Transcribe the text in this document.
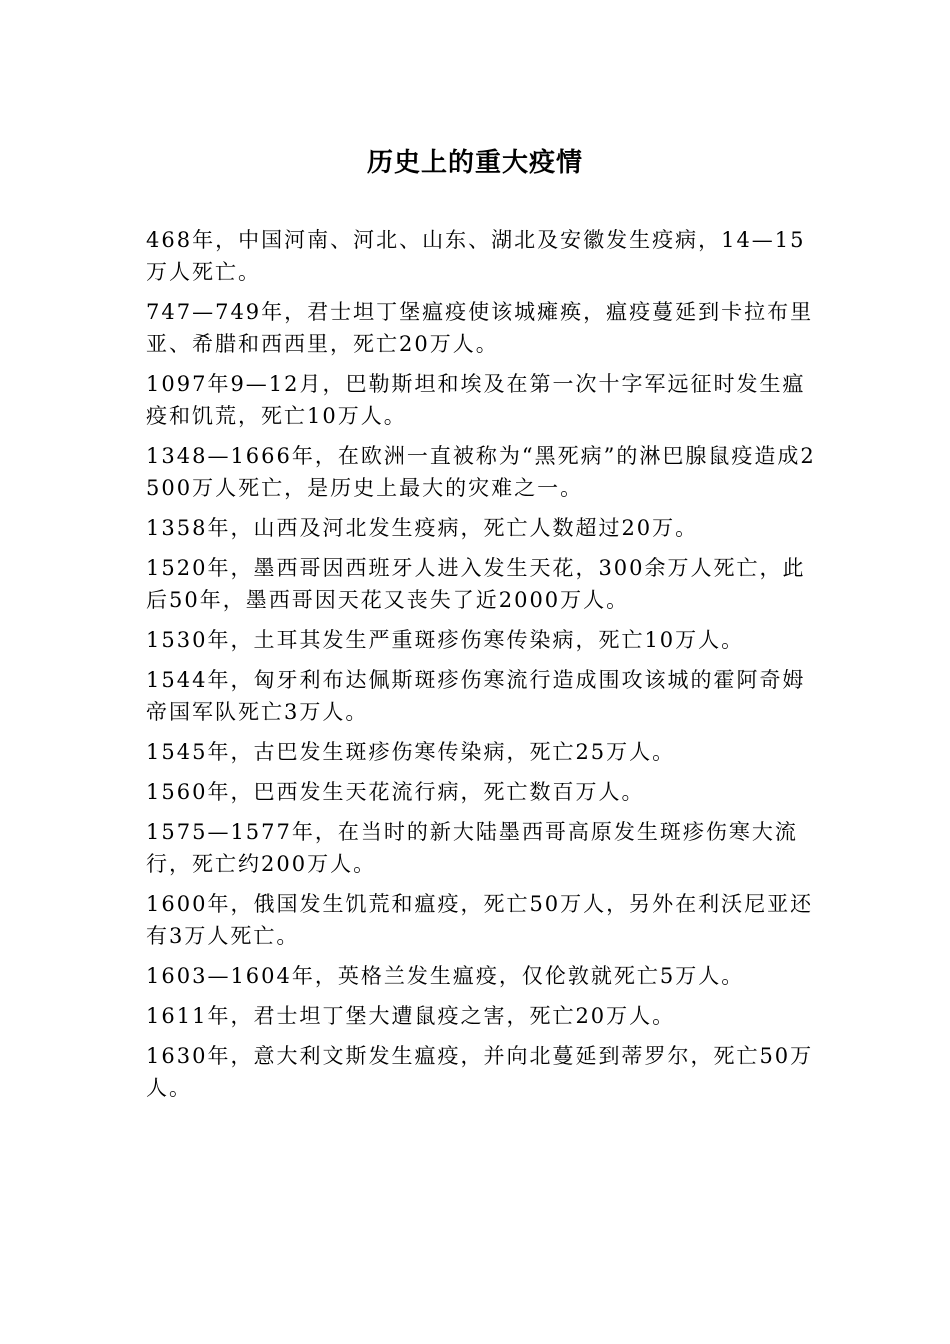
历史上的重大疫情

468年，中国河南、河北、山东、湖北及安徽发生疫病，14—15万人死亡。

747—749年，君士坦丁堡瘟疫使该城瘫痪，瘟疫蔓延到卡拉布里亚、希腊和西西里，死亡20万人。

1097年9—12月，巴勒斯坦和埃及在第一次十字军远征时发生瘟疫和饥荒，死亡10万人。

1348—1666年，在欧洲一直被称为“黑死病”的淋巴腺鼠疫造成2500万人死亡，是历史上最大的灾难之一。

1358年，山西及河北发生疫病，死亡人数超过20万。

1520年，墨西哥因西班牙人进入发生天花，300余万人死亡，此后50年，墨西哥因天花又丧失了近2000万人。

1530年，土耳其发生严重斑疹伤寒传染病，死亡10万人。

1544年，匈牙利布达佩斯斑疹伤寒流行造成围攻该城的霍阿奇姆帝国军队死亡3万人。

1545年，古巴发生斑疹伤寒传染病，死亡25万人。

1560年，巴西发生天花流行病，死亡数百万人。

1575—1577年，在当时的新大陆墨西哥高原发生斑疹伤寒大流行，死亡约200万人。

1600年，俄国发生饥荒和瘟疫，死亡50万人，另外在利沃尼亚还有3万人死亡。

1603—1604年，英格兰发生瘟疫，仅伦敦就死亡5万人。

1611年，君士坦丁堡大遭鼠疫之害，死亡20万人。

1630年，意大利文斯发生瘟疫，并向北蔓延到蒂罗尔，死亡50万人。
